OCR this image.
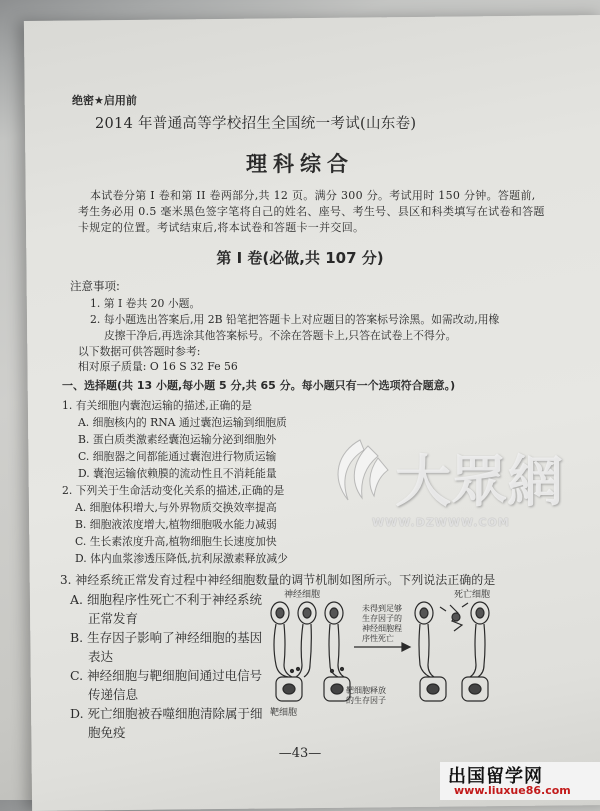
绝密★启用前
2014 年普通高等学校招生全国统一考试(山东卷)
理科综合
本试卷分第 I 卷和第 II 卷两部分,共 12 页。满分 300 分。考试用时 150 分钟。答题前,
考生务必用 0.5 毫米黑色签字笔将自己的姓名、座号、考生号、县区和科类填写在试卷和答题
卡规定的位置。考试结束后,将本试卷和答题卡一并交回。
第 I 卷(必做,共 107 分)
注意事项:
1. 第 I 卷共 20 小题。
2. 每小题选出答案后,用 2B 铅笔把答题卡上对应题目的答案标号涂黑。如需改动,用橡
皮擦干净后,再选涂其他答案标号。不涂在答题卡上,只答在试卷上不得分。
以下数据可供答题时参考:
相对原子质量: O 16 S 32 Fe 56
一、选择题(共 13 小题,每小题 5 分,共 65 分。每小题只有一个选项符合题意。)
1. 有关细胞内囊泡运输的描述,正确的是
A. 细胞核内的 RNA 通过囊泡运输到细胞质
B. 蛋白质类激素经囊泡运输分泌到细胞外
C. 细胞器之间都能通过囊泡进行物质运输
D. 囊泡运输依赖膜的流动性且不消耗能量
2. 下列关于生命活动变化关系的描述,正确的是
A. 细胞体积增大,与外界物质交换效率提高
B. 细胞液浓度增大,植物细胞吸水能力减弱
C. 生长素浓度升高,植物细胞生长速度加快
D. 体内血浆渗透压降低,抗利尿激素释放减少
3. 神经系统正常发育过程中神经细胞数量的调节机制如图所示。下列说法正确的是
A. 细胞程序性死亡不利于神经系统
正常发育
B. 生存因子影响了神经细胞的基因
表达
C. 神经细胞与靶细胞间通过电信号
传递信息
D. 死亡细胞被吞噬细胞清除属于细
胞免疫
神经细胞	死亡细胞
未得到足够
生存因子的
神经细胞程
序性死亡
靶细胞
靶细胞释放
的生存因子
大眾網
WWW.DZWWW.COM
—43—
出国留学网
www.liuxue86.com
